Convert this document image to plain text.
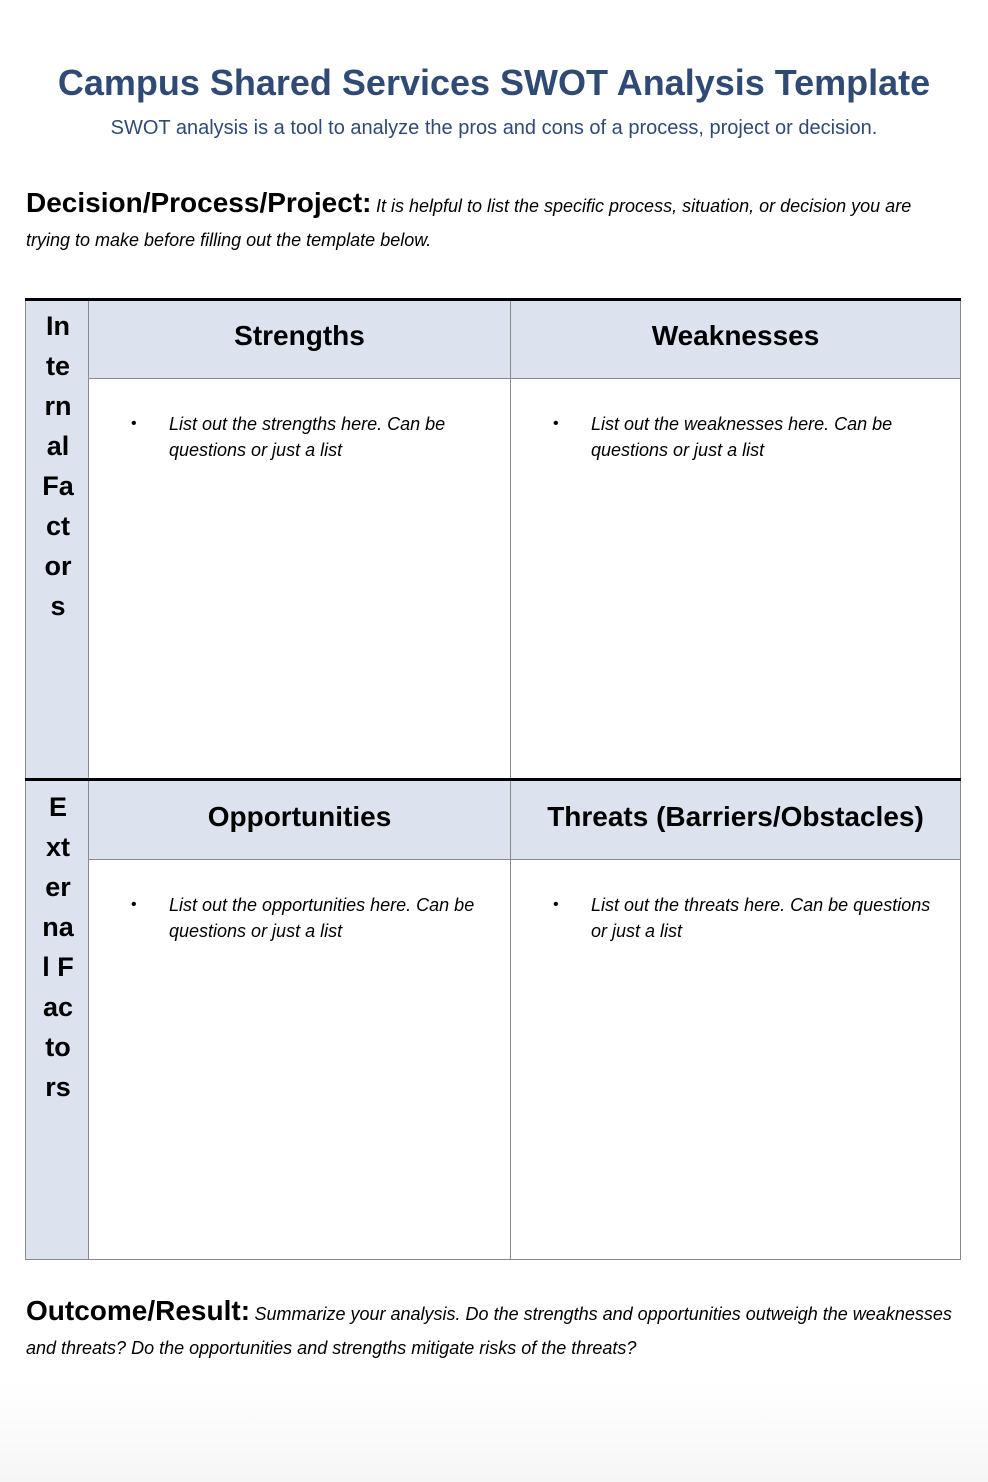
Campus Shared Services SWOT Analysis Template
SWOT analysis is a tool to analyze the pros and cons of a process, project or decision.
Decision/Process/Project: It is helpful to list the specific process, situation, or decision you are trying to make before filling out the template below.
Internal Factors
Strengths
• List out the strengths here. Can be questions or just a list
Weaknesses
• List out the weaknesses here. Can be questions or just a list
External Factors
Opportunities
• List out the opportunities here. Can be questions or just a list
Threats (Barriers/Obstacles)
• List out the threats here. Can be questions or just a list
Outcome/Result: Summarize your analysis. Do the strengths and opportunities outweigh the weaknesses and threats? Do the opportunities and strengths mitigate risks of the threats?
